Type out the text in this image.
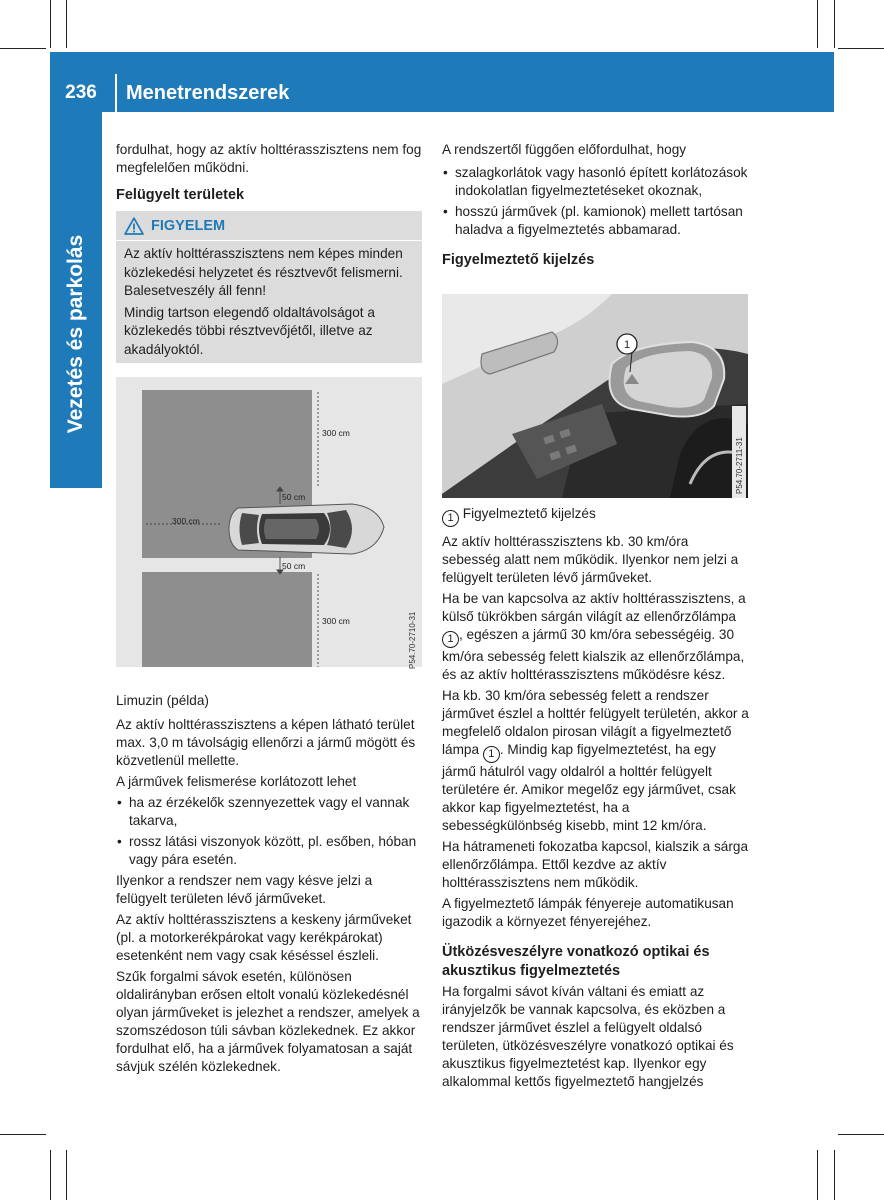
236	Menetrendszerek
Vezetés és parkolás

fordulhat, hogy az aktív holttérasszisztens nem fog megfelelően működni.

Felügyelt területek
FIGYELEM

Az aktív holttérasszisztens nem képes minden közlekedési helyzetet és résztvevőt felismerni. Balesetveszély áll fenn!

Mindig tartson elegendő oldaltávolságot a közlekedés többi résztvevőjétől, illetve az akadályoktól.

300 cm
50 cm
300 cm
50 cm
300 cm	P54.70-2710-31

Limuzin (példa)

Az aktív holttérasszisztens a képen látható terület max. 3,0 m távolságig ellenőrzi a jármű mögött és közvetlenül mellette.

A járművek felismerése korlátozott lehet

• ha az érzékelők szennyezettek vagy el vannak takarva,
• rossz látási viszonyok között, pl. esőben, hóban vagy pára esetén.

Ilyenkor a rendszer nem vagy késve jelzi a felügyelt területen lévő járműveket.

Az aktív holttérasszisztens a keskeny járműveket (pl. a motorkerékpárokat vagy kerékpárokat) esetenként nem vagy csak késéssel észleli.

Szűk forgalmi sávok esetén, különösen oldalirányban erősen eltolt vonalú közlekedésnél olyan járműveket is jelezhet a rendszer, amelyek a szomszédoson túli sávban közlekednek. Ez akkor fordulhat elő, ha a járművek folyamatosan a saját sávjuk szélén közlekednek.

A rendszertől függően előfordulhat, hogy

• szalagkorlátok vagy hasonló épített korlátozások indokolatlan figyelmeztetéseket okoznak,
• hosszú járművek (pl. kamionok) mellett tartósan haladva a figyelmeztetés abbamarad.
Figyelmeztető kijelzés
1
P54.70-2711-31

1 Figyelmeztető kijelzés

Az aktív holttérasszisztens kb. 30 km/óra sebesség alatt nem működik. Ilyenkor nem jelzi a felügyelt területen lévő járműveket.

Ha be van kapcsolva az aktív holttérasszisztens, a külső tükrökben sárgán világít az ellenőrzőlámpa 1 , egészen a jármű 30 km/óra sebességéig. 30 km/óra sebesség felett kialszik az ellenőrzőlámpa, és az aktív holttérasszisztens működésre kész.

Ha kb. 30 km/óra sebesség felett a rendszer járművet észlel a holttér felügyelt területén, akkor a megfelelő oldalon pirosan világít a figyelmeztető lámpa 1 . Mindig kap figyelmeztetést, ha egy jármű hátulról vagy oldalról a holttér felügyelt területére ér. Amikor megelőz egy járművet, csak akkor kap figyelmeztetést, ha a sebességkülönbség kisebb, mint 12 km/óra.

Ha hátrameneti fokozatba kapcsol, kialszik a sárga ellenőrzőlámpa. Ettől kezdve az aktív holttérasszisztens nem működik.

A figyelmeztető lámpák fényereje automatikusan igazodik a környezet fényerejéhez.

Ütközésveszélyre vonatkozó optikai és akusztikus figyelmeztetés

Ha forgalmi sávot kíván váltani és emiatt az irányjelzők be vannak kapcsolva, és eközben a rendszer járművet észlel a felügyelt oldalsó területen, ütközésveszélyre vonatkozó optikai és akusztikus figyelmeztetést kap. Ilyenkor egy alkalommal kettős figyelmeztető hangjelzés
